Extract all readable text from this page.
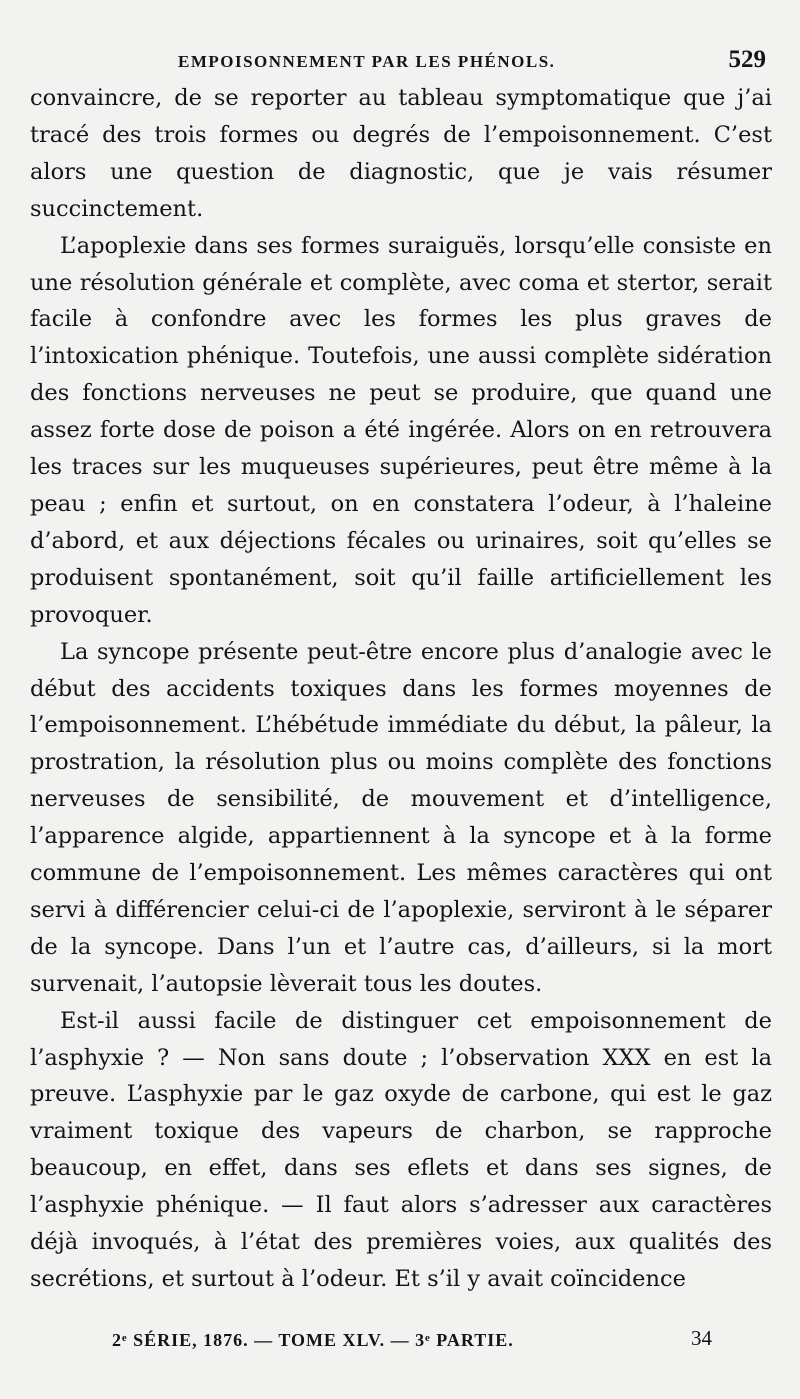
EMPOISONNEMENT PAR LES PHÉNOLS.	529

convaincre, de se reporter au tableau symptomatique que j’ai tracé des trois formes ou degrés de l’empoisonnement. C’est alors une question de diagnostic, que je vais résumer succinctement.

L’apoplexie dans ses formes suraiguës, lorsqu’elle consiste en une résolution générale et complète, avec coma et stertor, serait facile à confondre avec les formes les plus graves de l’intoxication phénique. Toutefois, une aussi complète sidération des fonctions nerveuses ne peut se produire, que quand une assez forte dose de poison a été ingérée. Alors on en retrouvera les traces sur les muqueuses supérieures, peut être même à la peau ; enfin et surtout, on en constatera l’odeur, à l’haleine d’abord, et aux déjections fécales ou urinaires, soit qu’elles se produisent spontanément, soit qu’il faille artificiellement les provoquer.

La syncope présente peut-être encore plus d’analogie avec le début des accidents toxiques dans les formes moyennes de l’empoisonnement. L’hébétude immédiate du début, la pâleur, la prostration, la résolution plus ou moins complète des fonctions nerveuses de sensibilité, de mouvement et d’intelligence, l’apparence algide, appartiennent à la syncope et à la forme commune de l’empoisonnement. Les mêmes caractères qui ont servi à différencier celui-ci de l’apoplexie, serviront à le séparer de la syncope. Dans l’un et l’autre cas, d’ailleurs, si la mort survenait, l’autopsie lèverait tous les doutes.

Est-il aussi facile de distinguer cet empoisonnement de l’asphyxie ? — Non sans doute ; l’observation XXX en est la preuve. L’asphyxie par le gaz oxyde de carbone, qui est le gaz vraiment toxique des vapeurs de charbon, se rapproche beaucoup, en effet, dans ses eflets et dans ses signes, de l’asphyxie phénique. — Il faut alors s’adresser aux caractères déjà invoqués, à l’état des premières voies, aux qualités des secrétions, et surtout à l’odeur. Et s’il y avait coïncidence

2ᵉ SÉRIE, 1876. — TOME XLV. — 3ᵉ PARTIE.	34
